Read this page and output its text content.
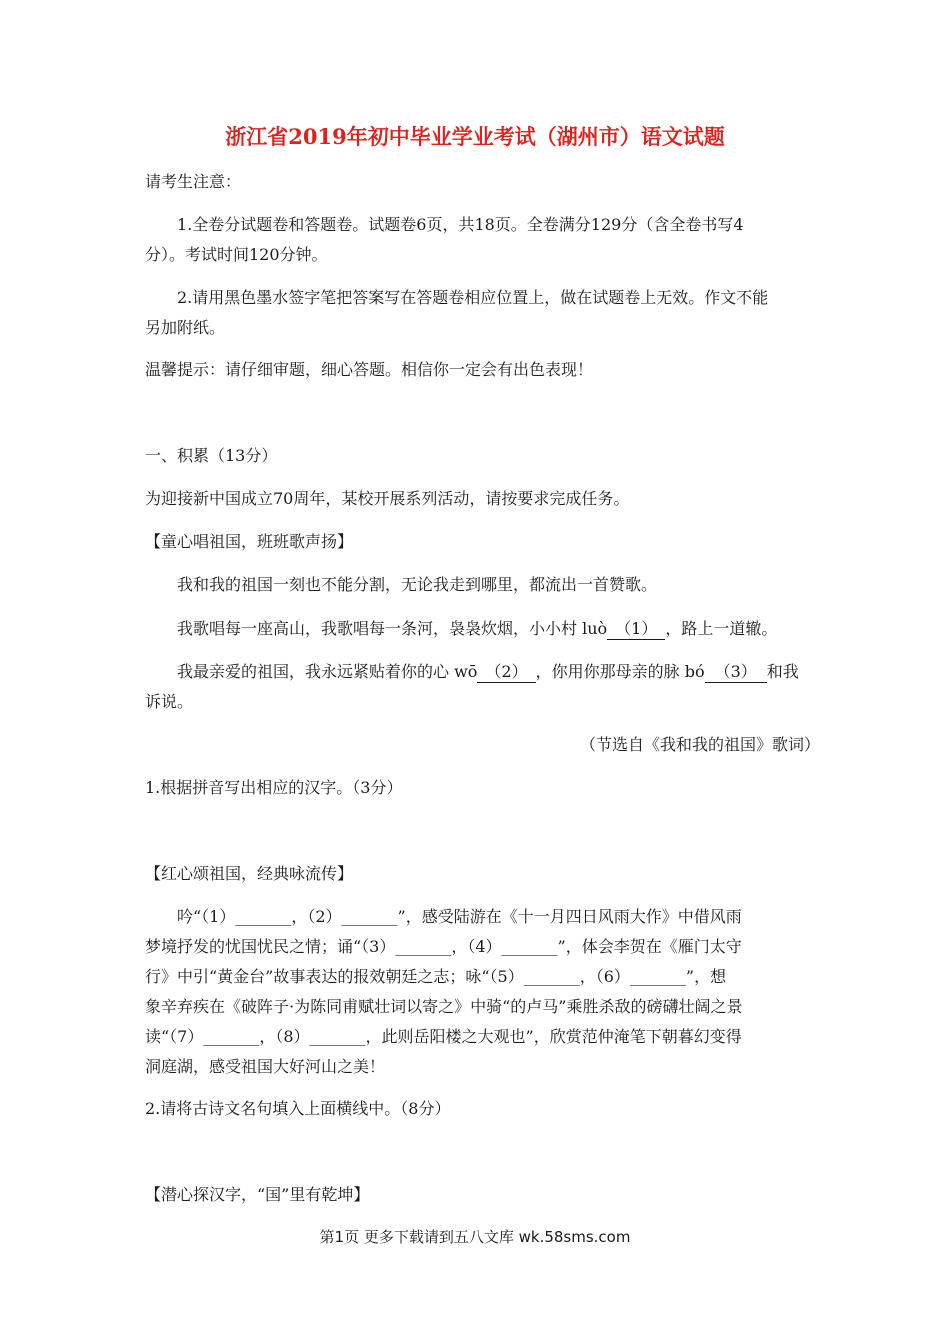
浙江省2019年初中毕业学业考试（湖州市）语文试题
请考生注意：
1.全卷分试题卷和答题卷。试题卷6页，共18页。全卷满分129分（含全卷书写4
分）。考试时间120分钟。
2.请用黑色墨水签字笔把答案写在答题卷相应位置上，做在试题卷上无效。作文不能
另加附纸。
温馨提示：请仔细审题，细心答题。相信你一定会有出色表现！
一、积累（13分）
为迎接新中国成立70周年，某校开展系列活动，请按要求完成任务。
【童心唱祖国，班班歌声扬】
我和我的祖国一刻也不能分割，无论我走到哪里，都流出一首赞歌。
我歌唱每一座高山，我歌唱每一条河，袅袅炊烟，小小村 luò （1） ，路上一道辙。
我最亲爱的祖国，我永远紧贴着你的心 wō （2） ，你用你那母亲的脉 bó （3） 和我
诉说。
（节选自《我和我的祖国》歌词）
1.根据拼音写出相应的汉字。（3分）
【红心颂祖国，经典咏流传】
吟“（1）_______，（2）_______”，感受陆游在《十一月四日风雨大作》中借风雨
梦境抒发的忧国忧民之情；诵“（3）_______，（4）_______”，体会李贺在《雁门太守
行》中引“黄金台”故事表达的报效朝廷之志；咏“（5）_______，（6）_______”，想
象辛弃疾在《破阵子·为陈同甫赋壮词以寄之》中骑“的卢马”乘胜杀敌的磅礴壮阔之景
读“（7）_______，（8）_______，此则岳阳楼之大观也”，欣赏范仲淹笔下朝暮幻变得
洞庭湖，感受祖国大好河山之美！
2.请将古诗文名句填入上面横线中。（8分）
【潜心探汉字，“国”里有乾坤】
第1页 更多下载请到五八文库 wk.58sms.com
